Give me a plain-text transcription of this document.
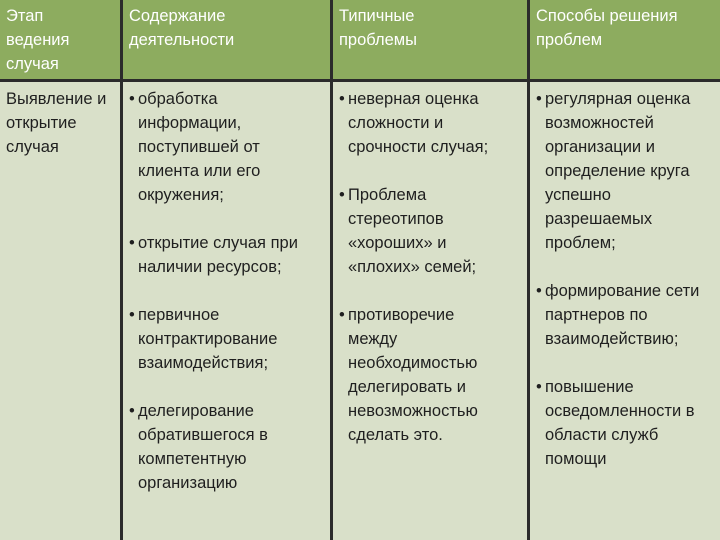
Этап
ведения
случая
Содержание
деятельности
Типичные
проблемы
Способы решения
проблем
Выявление и
открытие
случая
• обработка
информации,
поступившей от
клиента или его
окружения;
• открытие случая при
наличии ресурсов;
• первичное
контрактирование
взаимодействия;
• делегирование
обратившегося в
компетентную
организацию
• неверная оценка
сложности и
срочности случая;
• Проблема
стереотипов
«хороших» и
«плохих» семей;
• противоречие
между
необходимостью
делегировать и
невозможностью
сделать это.
• регулярная оценка
возможностей
организации и
определение круга
успешно
разрешаемых
проблем;
• формирование сети
партнеров по
взаимодействию;
• повышение
осведомленности в
области служб
помощи
